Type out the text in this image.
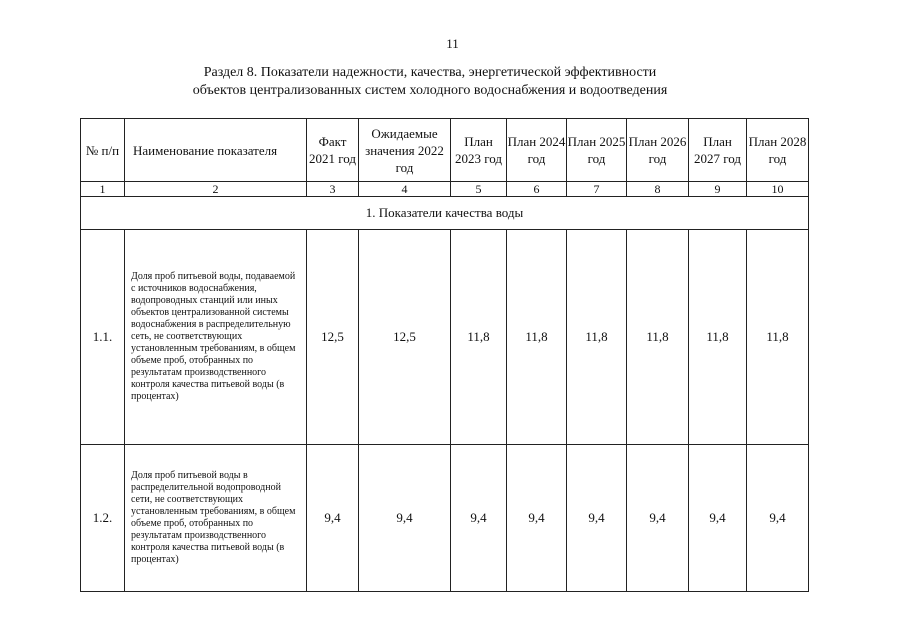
11
Раздел 8. Показатели надежности, качества, энергетической эффективности
объектов централизованных систем холодного водоснабжения и водоотведения
№ п/п	Наименование показателя	Факт 2021 год	Ожидаемые значения 2022 год	План 2023 год	План 2024 год	План 2025 год	План 2026 год	План 2027 год	План 2028 год
1	2	3	4	5	6	7	8	9	10
1. Показатели качества воды									
1.1.	Доля проб питьевой воды, подаваемой с источников водоснабжения, водопроводных станций или иных объектов централизованной системы водоснабжения в распределительную сеть, не соответствующих установленным требованиям, в общем объеме проб, отобранных по результатам производственного контроля качества питьевой воды (в процентах)	12,5	12,5	11,8	11,8	11,8	11,8	11,8	11,8
1.2.	Доля проб питьевой воды в распределительной водопроводной сети, не соответствующих установленным требованиям, в общем объеме проб, отобранных по результатам производственного контроля качества питьевой воды (в процентах)	9,4	9,4	9,4	9,4	9,4	9,4	9,4	9,4
